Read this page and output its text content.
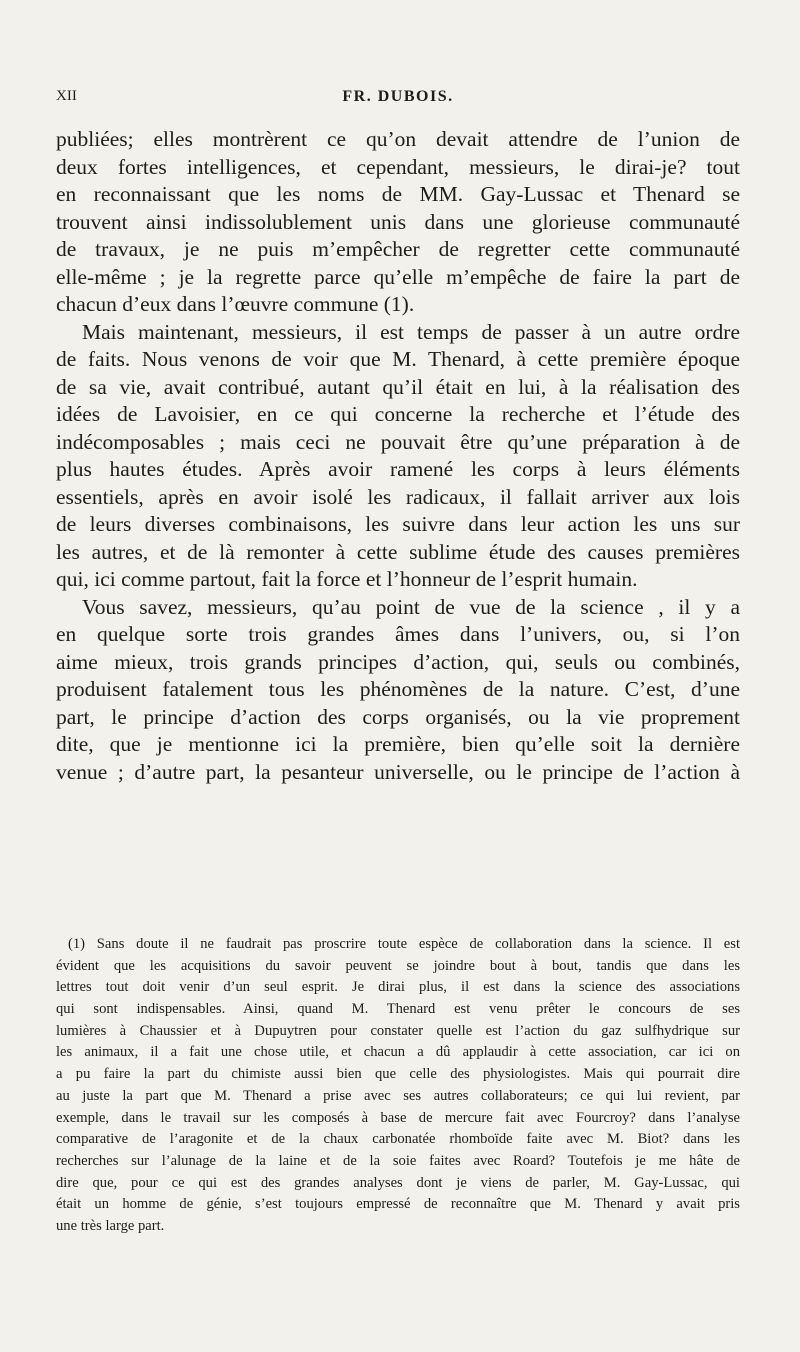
XII	FR. DUBOIS.
publiées; elles montrèrent ce qu’on devait attendre de l’union de
deux fortes intelligences, et cependant, messieurs, le dirai-je? tout
en reconnaissant que les noms de MM. Gay-Lussac et Thenard se
trouvent ainsi indissolublement unis dans une glorieuse communauté
de travaux, je ne puis m’empêcher de regretter cette communauté
elle-même ; je la regrette parce qu’elle m’empêche de faire la part de
chacun d’eux dans l’œuvre commune (1).
Mais maintenant, messieurs, il est temps de passer à un autre ordre
de faits. Nous venons de voir que M. Thenard, à cette première époque
de sa vie, avait contribué, autant qu’il était en lui, à la réalisation des
idées de Lavoisier, en ce qui concerne la recherche et l’étude des
indécomposables ; mais ceci ne pouvait être qu’une préparation à de
plus hautes études. Après avoir ramené les corps à leurs éléments
essentiels, après en avoir isolé les radicaux, il fallait arriver aux lois
de leurs diverses combinaisons, les suivre dans leur action les uns sur
les autres, et de là remonter à cette sublime étude des causes premières
qui, ici comme partout, fait la force et l’honneur de l’esprit humain.
Vous savez, messieurs, qu’au point de vue de la science , il y a
en quelque sorte trois grandes âmes dans l’univers, ou, si l’on
aime mieux, trois grands principes d’action, qui, seuls ou combinés,
produisent fatalement tous les phénomènes de la nature. C’est, d’une
part, le principe d’action des corps organisés, ou la vie proprement
dite, que je mentionne ici la première, bien qu’elle soit la dernière
venue ; d’autre part, la pesanteur universelle, ou le principe de l’action à
(1) Sans doute il ne faudrait pas proscrire toute espèce de collaboration dans la science. Il est
évident que les acquisitions du savoir peuvent se joindre bout à bout, tandis que dans les
lettres tout doit venir d’un seul esprit. Je dirai plus, il est dans la science des associations
qui sont indispensables. Ainsi, quand M. Thenard est venu prêter le concours de ses
lumières à Chaussier et à Dupuytren pour constater quelle est l’action du gaz sulfhydrique sur
les animaux, il a fait une chose utile, et chacun a dû applaudir à cette association, car ici on
a pu faire la part du chimiste aussi bien que celle des physiologistes. Mais qui pourrait dire
au juste la part que M. Thenard a prise avec ses autres collaborateurs; ce qui lui revient, par
exemple, dans le travail sur les composés à base de mercure fait avec Fourcroy? dans l’analyse
comparative de l’aragonite et de la chaux carbonatée rhomboïde faite avec M. Biot? dans les
recherches sur l’alunage de la laine et de la soie faites avec Roard? Toutefois je me hâte de
dire que, pour ce qui est des grandes analyses dont je viens de parler, M. Gay-Lussac, qui
était un homme de génie, s’est toujours empressé de reconnaître que M. Thenard y avait pris
une très large part.
